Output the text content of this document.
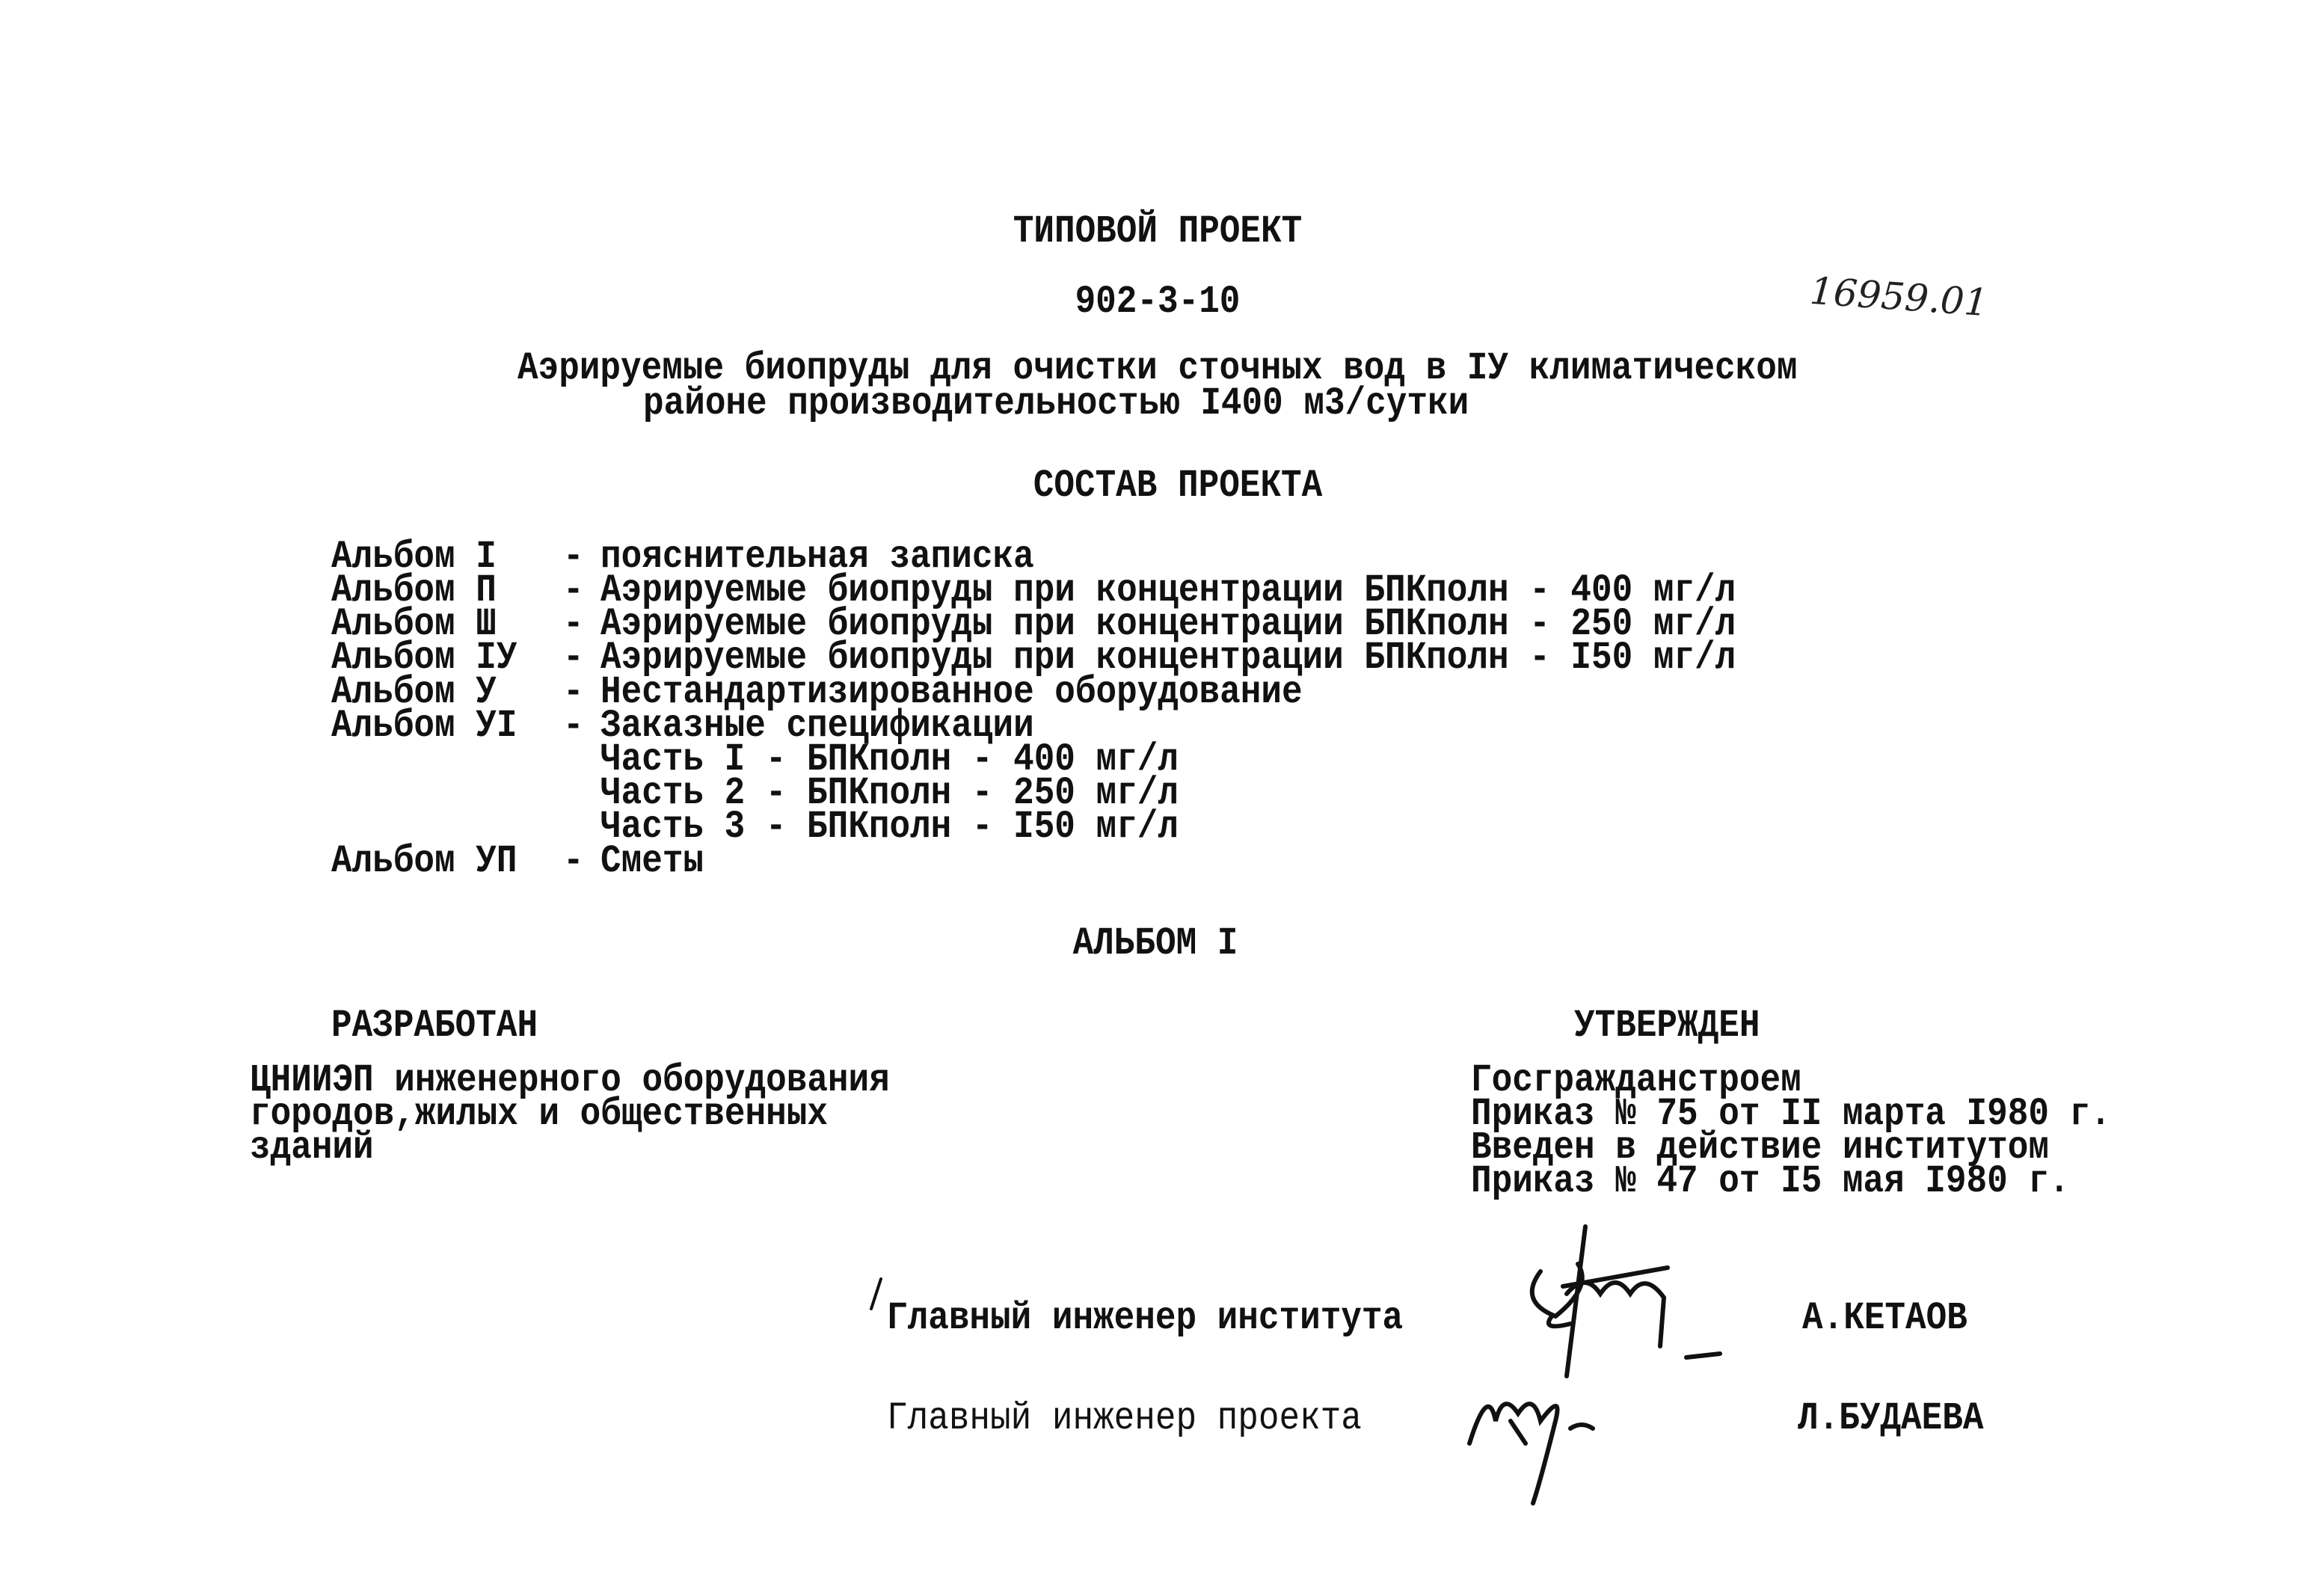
ТИПОВОЙ ПРОЕКТ
902-3-10	16959.01
Аэрируемые биопруды для очистки сточных вод в IУ климатическом
районе производительностью I400 м3/сутки
СОСТАВ ПРОЕКТА
Альбом I - пояснительная записка
Альбом П - Аэрируемые биопруды при концентрации БПКполн - 400 мг/л
Альбом Ш - Аэрируемые биопруды при концентрации БПКполн - 250 мг/л
Альбом IУ - Аэрируемые биопруды при концентрации БПКполн - I50 мг/л
Альбом У - Нестандартизированное оборудование
Альбом УI - Заказные спецификации
Часть I - БПКполн - 400 мг/л
Часть 2 - БПКполн - 250 мг/л
Часть 3 - БПКполн - I50 мг/л
Альбом УП - Сметы
АЛЬБОМ I
РАЗРАБОТАН
ЦНИИЭП инженерного оборудования
городов,жилых и общественных
зданий
УТВЕРЖДЕН
Госгражданстроем
Приказ № 75 от II марта I980 г.
Введен в действие институтом
Приказ № 47 от I5 мая I980 г.
Главный инженер института	А.КЕТАОВ
Главный инженер проекта	Л.БУДАЕВА
